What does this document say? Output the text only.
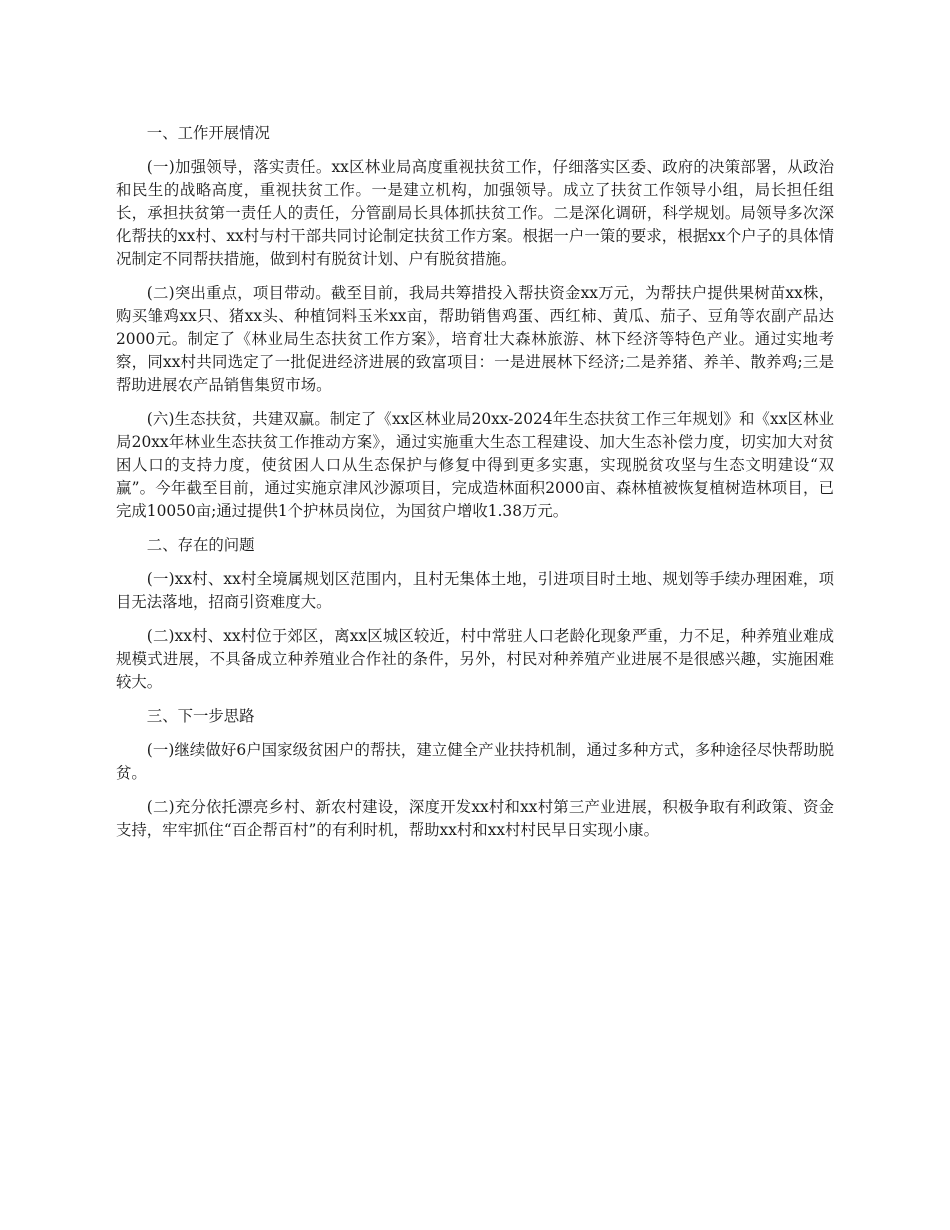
一、工作开展情况

(一)加强领导，落实责任。xx区林业局高度重视扶贫工作，仔细落实区委、政府的决策部署，从政治和民生的战略高度，重视扶贫工作。一是建立机构，加强领导。成立了扶贫工作领导小组，局长担任组长，承担扶贫第一责任人的责任，分管副局长具体抓扶贫工作。二是深化调研，科学规划。局领导多次深化帮扶的xx村、xx村与村干部共同讨论制定扶贫工作方案。根据一户一策的要求，根据xx个户子的具体情况制定不同帮扶措施，做到村有脱贫计划、户有脱贫措施。

(二)突出重点，项目带动。截至目前，我局共筹措投入帮扶资金xx万元，为帮扶户提供果树苗xx株，购买雏鸡xx只、猪xx头、种植饲料玉米xx亩，帮助销售鸡蛋、西红柿、黄瓜、茄子、豆角等农副产品达2000元。制定了《林业局生态扶贫工作方案》，培育壮大森林旅游、林下经济等特色产业。通过实地考察，同xx村共同选定了一批促进经济进展的致富项目：一是进展林下经济;二是养猪、养羊、散养鸡;三是帮助进展农产品销售集贸市场。

(六)生态扶贫，共建双赢。制定了《xx区林业局20xx-2024年生态扶贫工作三年规划》和《xx区林业局20xx年林业生态扶贫工作推动方案》，通过实施重大生态工程建设、加大生态补偿力度，切实加大对贫困人口的支持力度，使贫困人口从生态保护与修复中得到更多实惠，实现脱贫攻坚与生态文明建设“双赢”。今年截至目前，通过实施京津风沙源项目，完成造林面积2000亩、森林植被恢复植树造林项目，已完成10050亩;通过提供1个护林员岗位，为国贫户增收1.38万元。

二、存在的问题

(一)xx村、xx村全境属规划区范围内，且村无集体土地，引进项目时土地、规划等手续办理困难，项目无法落地，招商引资难度大。

(二)xx村、xx村位于郊区，离xx区城区较近，村中常驻人口老龄化现象严重，力不足，种养殖业难成规模式进展，不具备成立种养殖业合作社的条件，另外，村民对种养殖产业进展不是很感兴趣，实施困难较大。

三、下一步思路

(一)继续做好6户国家级贫困户的帮扶，建立健全产业扶持机制，通过多种方式，多种途径尽快帮助脱贫。

(二)充分依托漂亮乡村、新农村建设，深度开发xx村和xx村第三产业进展，积极争取有利政策、资金支持，牢牢抓住“百企帮百村”的有利时机，帮助xx村和xx村村民早日实现小康。
